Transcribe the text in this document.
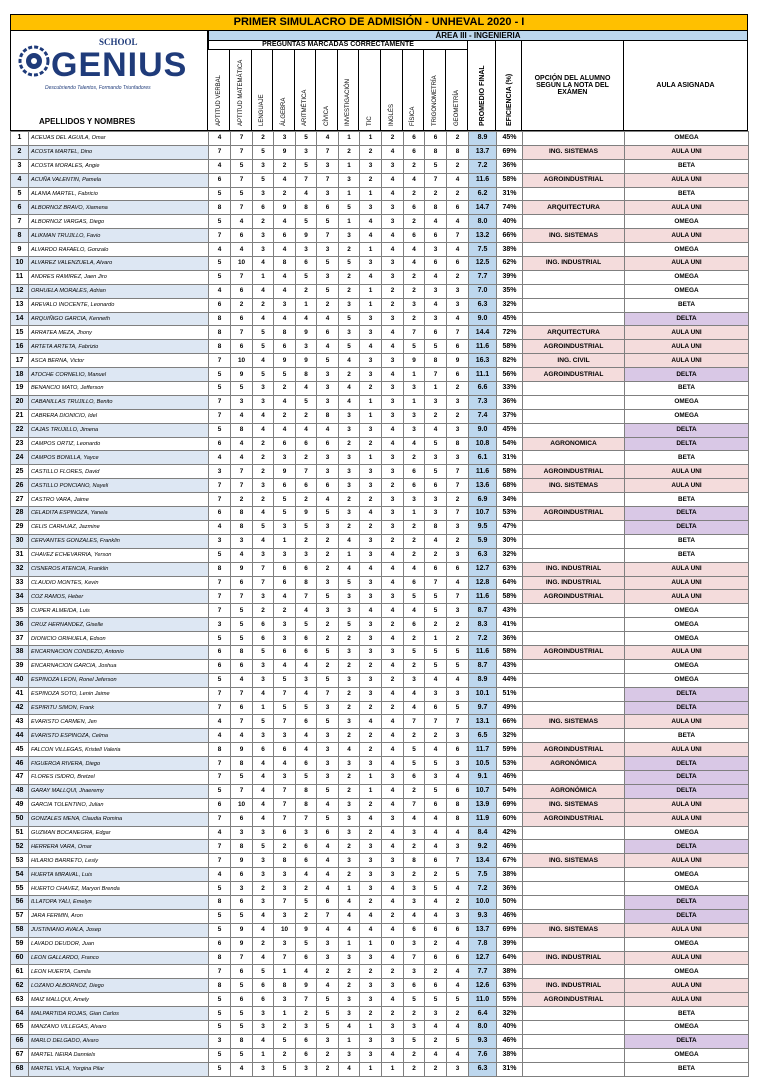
PRIMER SIMULACRO DE ADMISIÓN - UNHEVAL 2020 - I
SCHOOL
GENIUS
Descubriendo Talentos, Formando Triunfadores
APELLIDOS Y NOMBRES
ÁREA III - INGENIERIA
PREGUNTAS MARCADAS CORRECTAMENTE
APTITUD VERBAL	APTITUD MATEMÁTICA	LENGUAJE	ÁLGEBRA	ARITMÉTICA	CÍVICA	INVESTIGACIÓN	TIC	INGLÉS	FÍSICA	TRIGONOMETRÍA	GEOMETRÍA	PROMEDIO FINAL	EFICIENCIA (%)	OPCIÓN DEL ALUMNO SEGÚN LA NOTA DEL EXÁMEN
AULA ASIGNADA
1	ACEIJAS DEL AGUILA, Omar	4	7	2	3	5	4	1	1	2	6	6	2	8.9	45%		OMEGA
2	ACOSTA MARTEL, Dino	7	7	5	9	3	7	2	2	4	6	8	8	13.7	69%	ING. SISTEMAS	AULA UNI
3	ACOSTA MORALES, Angie	4	5	3	2	5	3	1	3	3	2	5	2	7.2	36%		BETA
4	ACUÑA VALENTIN, Pamela	6	7	5	4	7	7	3	2	4	4	7	4	11.6	58%	AGROINDUSTRIAL	AULA UNI
5	ALANIA MARTEL, Fabricio	5	5	3	2	4	3	1	1	4	2	2	2	6.2	31%		BETA
6	ALBORNOZ BRAVO, Xiamena	8	7	6	9	8	6	5	3	3	6	8	6	14.7	74%	ARQUITECTURA	AULA UNI
7	ALBORNOZ VARGAS, Diego	5	4	2	4	5	5	1	4	3	2	4	4	8.0	40%		OMEGA
8	ALIKMAN TRUJILLO, Favio	7	6	3	6	9	7	3	4	4	6	6	7	13.2	66%	ING. SISTEMAS	AULA UNI
9	ALVARDO RAFAELO, Gonzalo	4	4	3	4	3	3	2	1	4	4	3	4	7.5	38%		OMEGA
10	ALVAREZ VALENZUELA, Alvaro	5	10	4	8	6	5	5	3	3	4	6	6	12.5	62%	ING. INDUSTRIAL	AULA UNI
11	ANDRES RAMIREZ, Jaen Jiro	5	7	1	4	5	3	2	4	3	2	4	2	7.7	39%		OMEGA
12	ORHUELA MORALES, Adrian	4	6	4	4	2	5	2	1	2	2	3	3	7.0	35%		OMEGA
13	AREVALO INOCENTE, Leonardo	6	2	2	3	1	2	3	1	2	3	4	3	6.3	32%		BETA
14	ARQUIÑIGO GARCIA, Kenneth	8	6	4	4	4	4	5	3	3	2	3	4	9.0	45%		DELTA
15	ARRATEA MEZA, Jhony	8	7	5	8	9	6	3	3	4	7	6	7	14.4	72%	ARQUITECTURA	AULA UNI
16	ARTETA ARTETA, Fabrizio	8	6	5	6	3	4	5	4	4	5	5	6	11.6	58%	AGROINDUSTRIAL	AULA UNI
17	ASCA BERNA, Victor	7	10	4	9	9	5	4	3	3	9	8	9	16.3	82%	ING. CIVIL	AULA UNI
18	ATOCHE CORNELIO, Manuel	5	9	5	5	8	3	2	3	4	1	7	6	11.1	56%	AGROINDUSTRIAL	DELTA
19	BENANCIO MATO, Jefferson	5	5	3	2	4	3	4	2	3	3	1	2	6.6	33%		BETA
20	CABANILLAS TRUJILLO, Benito	7	3	3	4	5	3	4	1	3	1	3	3	7.3	36%		OMEGA
21	CABRERA DIONICIO, Idel	7	4	4	2	2	8	3	1	3	3	2	2	7.4	37%		OMEGA
22	CAJAS TRUJILLO, Jimena	5	8	4	4	4	4	3	3	4	3	4	3	9.0	45%		DELTA
23	CAMPOS ORTIZ, Leonardo	6	4	2	6	6	6	2	2	4	4	5	8	10.8	54%	AGRONOMICA	DELTA
24	CAMPOS BONILLA, Yayce	4	4	2	3	2	3	3	1	3	2	3	3	6.1	31%		BETA
25	CASTILLO FLORES, David	3	7	2	9	7	3	3	3	3	6	5	7	11.6	58%	AGROINDUSTRIAL	AULA UNI
26	CASTILLO PONCIANO, Nayeli	7	7	3	6	6	6	3	3	2	6	6	7	13.6	68%	ING. SISTEMAS	AULA UNI
27	CASTRO VARA, Jaime	7	2	2	5	2	4	2	2	3	3	3	2	6.9	34%		BETA
28	CELADITA ESPINOZA, Yanela	6	8	4	5	9	5	3	4	3	1	3	7	10.7	53%	AGROINDUSTRIAL	DELTA
29	CELIS CARHUAZ, Jazmine	4	8	5	3	5	3	2	2	3	2	8	3	9.5	47%		DELTA
30	CERVANTES GONZALES, Franklin	3	3	4	1	2	2	4	3	2	2	4	2	5.9	30%		BETA
31	CHAVEZ ECHEVARRIA, Yerson	5	4	3	3	3	2	1	3	4	2	2	3	6.3	32%		BETA
32	CISNEROS ATENCIA, Franklin	8	9	7	6	6	2	4	4	4	4	6	6	12.7	63%	ING. INDUSTRIAL	AULA UNI
33	CLAUDIO MONTES, Kevin	7	6	7	6	8	3	5	3	4	6	7	4	12.8	64%	ING. INDUSTRIAL	AULA UNI
34	COZ RAMOS, Heber	7	7	3	4	7	5	3	3	3	5	5	7	11.6	58%	AGROINDUSTRIAL	AULA UNI
35	CUPER ALMEIDA, Luis	7	5	2	2	4	3	3	4	4	4	5	3	8.7	43%		OMEGA
36	CRUZ HERNANDEZ, Giselle	3	5	6	3	5	2	5	3	2	6	2	2	8.3	41%		OMEGA
37	DIONICIO ORIHUELA, Edson	5	5	6	3	6	2	2	3	4	2	1	2	7.2	36%		OMEGA
38	ENCARNACION CONDEZO, Antonio	6	8	5	6	6	5	3	3	3	5	5	5	11.6	58%	AGROINDUSTRIAL	AULA UNI
39	ENCARNACION GARCIA, Joshua	6	6	3	4	4	2	2	2	4	2	5	5	8.7	43%		OMEGA
40	ESPINOZA LEON, Ronel Jeferson	5	4	3	5	3	5	3	3	2	3	4	4	8.9	44%		OMEGA
41	ESPINOZA SOTO, Lenin Jaime	7	7	4	7	4	7	2	3	4	4	3	3	10.1	51%		DELTA
42	ESPIRITU SIMON, Frank	7	6	1	5	5	3	2	2	2	4	6	5	9.7	49%		DELTA
43	EVARISTO CARMEN, Jen	4	7	5	7	6	5	3	4	4	7	7	7	13.1	66%	ING. SISTEMAS	AULA UNI
44	EVARISTO ESPINOZA, Celma	4	4	3	3	4	3	2	2	4	2	2	3	6.5	32%		BETA
45	FALCON VILLEGAS, Kristell Valeria	8	9	6	6	4	3	4	2	4	5	4	6	11.7	59%	AGROINDUSTRIAL	AULA UNI
46	FIGUEROA RIVERA, Diego	7	8	4	4	6	3	3	3	4	5	5	3	10.5	53%	AGRONÓMICA	DELTA
47	FLORES ISIDRO, Bretzel	7	5	4	3	5	3	2	1	3	6	3	4	9.1	46%		DELTA
48	GARAY MALLQUI, Jhaeremy	5	7	4	7	8	5	2	1	4	2	5	6	10.7	54%	AGRONÓMICA	DELTA
49	GARCIA TOLENTINO, Julian	6	10	4	7	8	4	3	2	4	7	6	8	13.9	69%	ING. SISTEMAS	AULA UNI
50	GONZALES MENA, Claudia Romina	7	6	4	7	7	5	3	4	3	4	4	8	11.9	60%	AGROINDUSTRIAL	AULA UNI
51	GUZMAN BOCANEGRA, Edgar	4	3	3	6	3	6	3	2	4	3	4	4	8.4	42%		OMEGA
52	HERRERA VARA, Omar	7	8	5	2	6	4	2	3	4	2	4	3	9.2	46%		DELTA
53	HILARIO BARRETO, Lesly	7	9	3	8	6	4	3	3	3	8	6	7	13.4	67%	ING. SISTEMAS	AULA UNI
54	HUERTA MIRAVAL, Luis	4	6	3	3	4	4	2	3	3	2	2	5	7.5	38%		OMEGA
55	HUERTO CHAVEZ, Maryori Brenda	5	3	2	3	2	4	1	3	4	3	5	4	7.2	36%		OMEGA
56	ILLATOPA YALI, Emelyn	8	6	3	7	5	6	4	2	4	3	4	2	10.0	50%		DELTA
57	JARA FERMIN, Aron	5	5	4	3	2	7	4	4	2	4	4	3	9.3	46%		DELTA
58	JUSTINIANO AVALA, Josep	5	9	4	10	9	4	4	4	4	6	6	6	13.7	69%	ING. SISTEMAS	AULA UNI
59	LAVADO DEUDOR, Juan	6	9	2	3	5	3	1	1	0	3	2	4	7.8	39%		OMEGA
60	LEON GALLARDO, Franco	8	7	4	7	6	3	3	3	4	7	6	6	12.7	64%	ING. INDUSTRIAL	AULA UNI
61	LEON HUERTA, Camila	7	6	5	1	4	2	2	2	2	3	2	4	7.7	38%		OMEGA
62	LOZANO ALBORNOZ, Diego	8	5	6	8	9	4	2	3	3	6	6	4	12.6	63%	ING. INDUSTRIAL	AULA UNI
63	MAIZ MALLQUI, Amely	5	6	6	3	7	5	3	3	4	5	5	5	11.0	55%	AGROINDUSTRIAL	AULA UNI
64	MALPARTIDA ROJAS, Gian Carlos	5	5	3	1	2	5	3	2	2	2	3	2	6.4	32%		BETA
65	MANZANO VILLEGAS, Alvaro	5	5	3	2	3	5	4	1	3	3	4	4	8.0	40%		OMEGA
66	MARLO DELGADO, Alvaro	3	8	4	5	6	3	1	3	3	5	2	5	9.3	46%		DELTA
67	MARTEL NEIRA Danniels	5	5	1	2	6	2	3	3	4	2	4	4	7.6	38%		OMEGA
68	MARTEL VELA, Yorgina Pilar	5	4	3	5	3	2	4	1	1	2	2	3	6.3	31%		BETA
